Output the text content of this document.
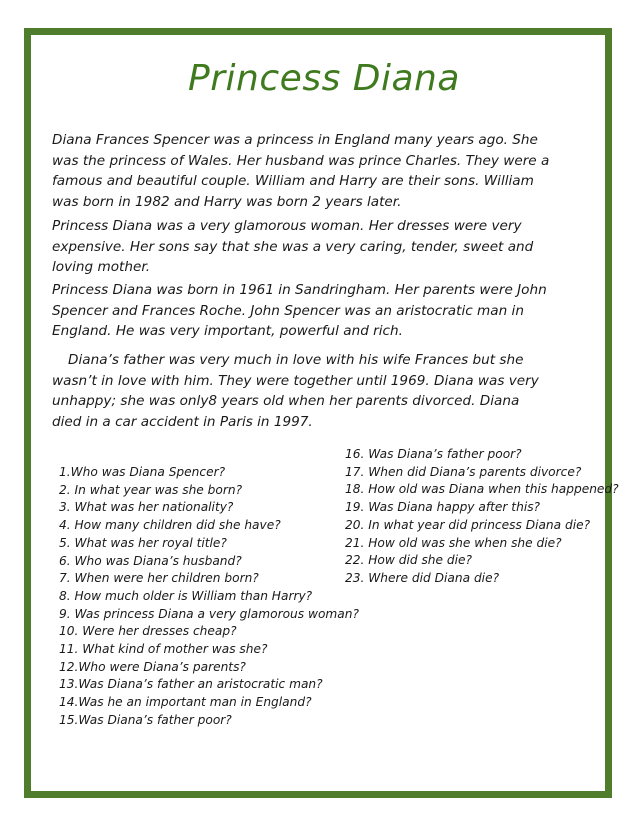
Princess Diana

Diana Frances Spencer was a princess in England many years ago. She was the princess of Wales. Her husband was prince Charles. They were a famous and beautiful couple. William and Harry are their sons. William was born in 1982 and Harry was born 2 years later.

Princess Diana was a very glamorous woman. Her dresses were very expensive. Her sons say that she was a very caring, tender, sweet and loving mother.

Princess Diana was born in 1961 in Sandringham. Her parents were John Spencer and Frances Roche. John Spencer was an aristocratic man in England. He was very important, powerful and rich.

Diana’s father was very much in love with his wife Frances but she wasn’t in love with him. They were together until 1969. Diana was very unhappy; she was only8 years old when her parents divorced. Diana died in a car accident in Paris in 1997.

1.Who was Diana Spencer?
2. In what year was she born?
3. What was her nationality?
4. How many children did she have?
5. What was her royal title?
6. Who was Diana’s husband?
7. When were her children born?
8. How much older is William than Harry?
9. Was princess Diana a very glamorous woman?
10. Were her dresses cheap?
11. What kind of mother was she?
12.Who were Diana’s parents?
13.Was Diana’s father an aristocratic man?
14.Was he an important man in England?
15.Was Diana’s father poor?
16. Was Diana’s father poor?
17. When did Diana’s parents divorce?
18. How old was Diana when this happened?
19. Was Diana happy after this?
20. In what year did princess Diana die?
21. How old was she when she die?
22. How did she die?
23. Where did Diana die?
